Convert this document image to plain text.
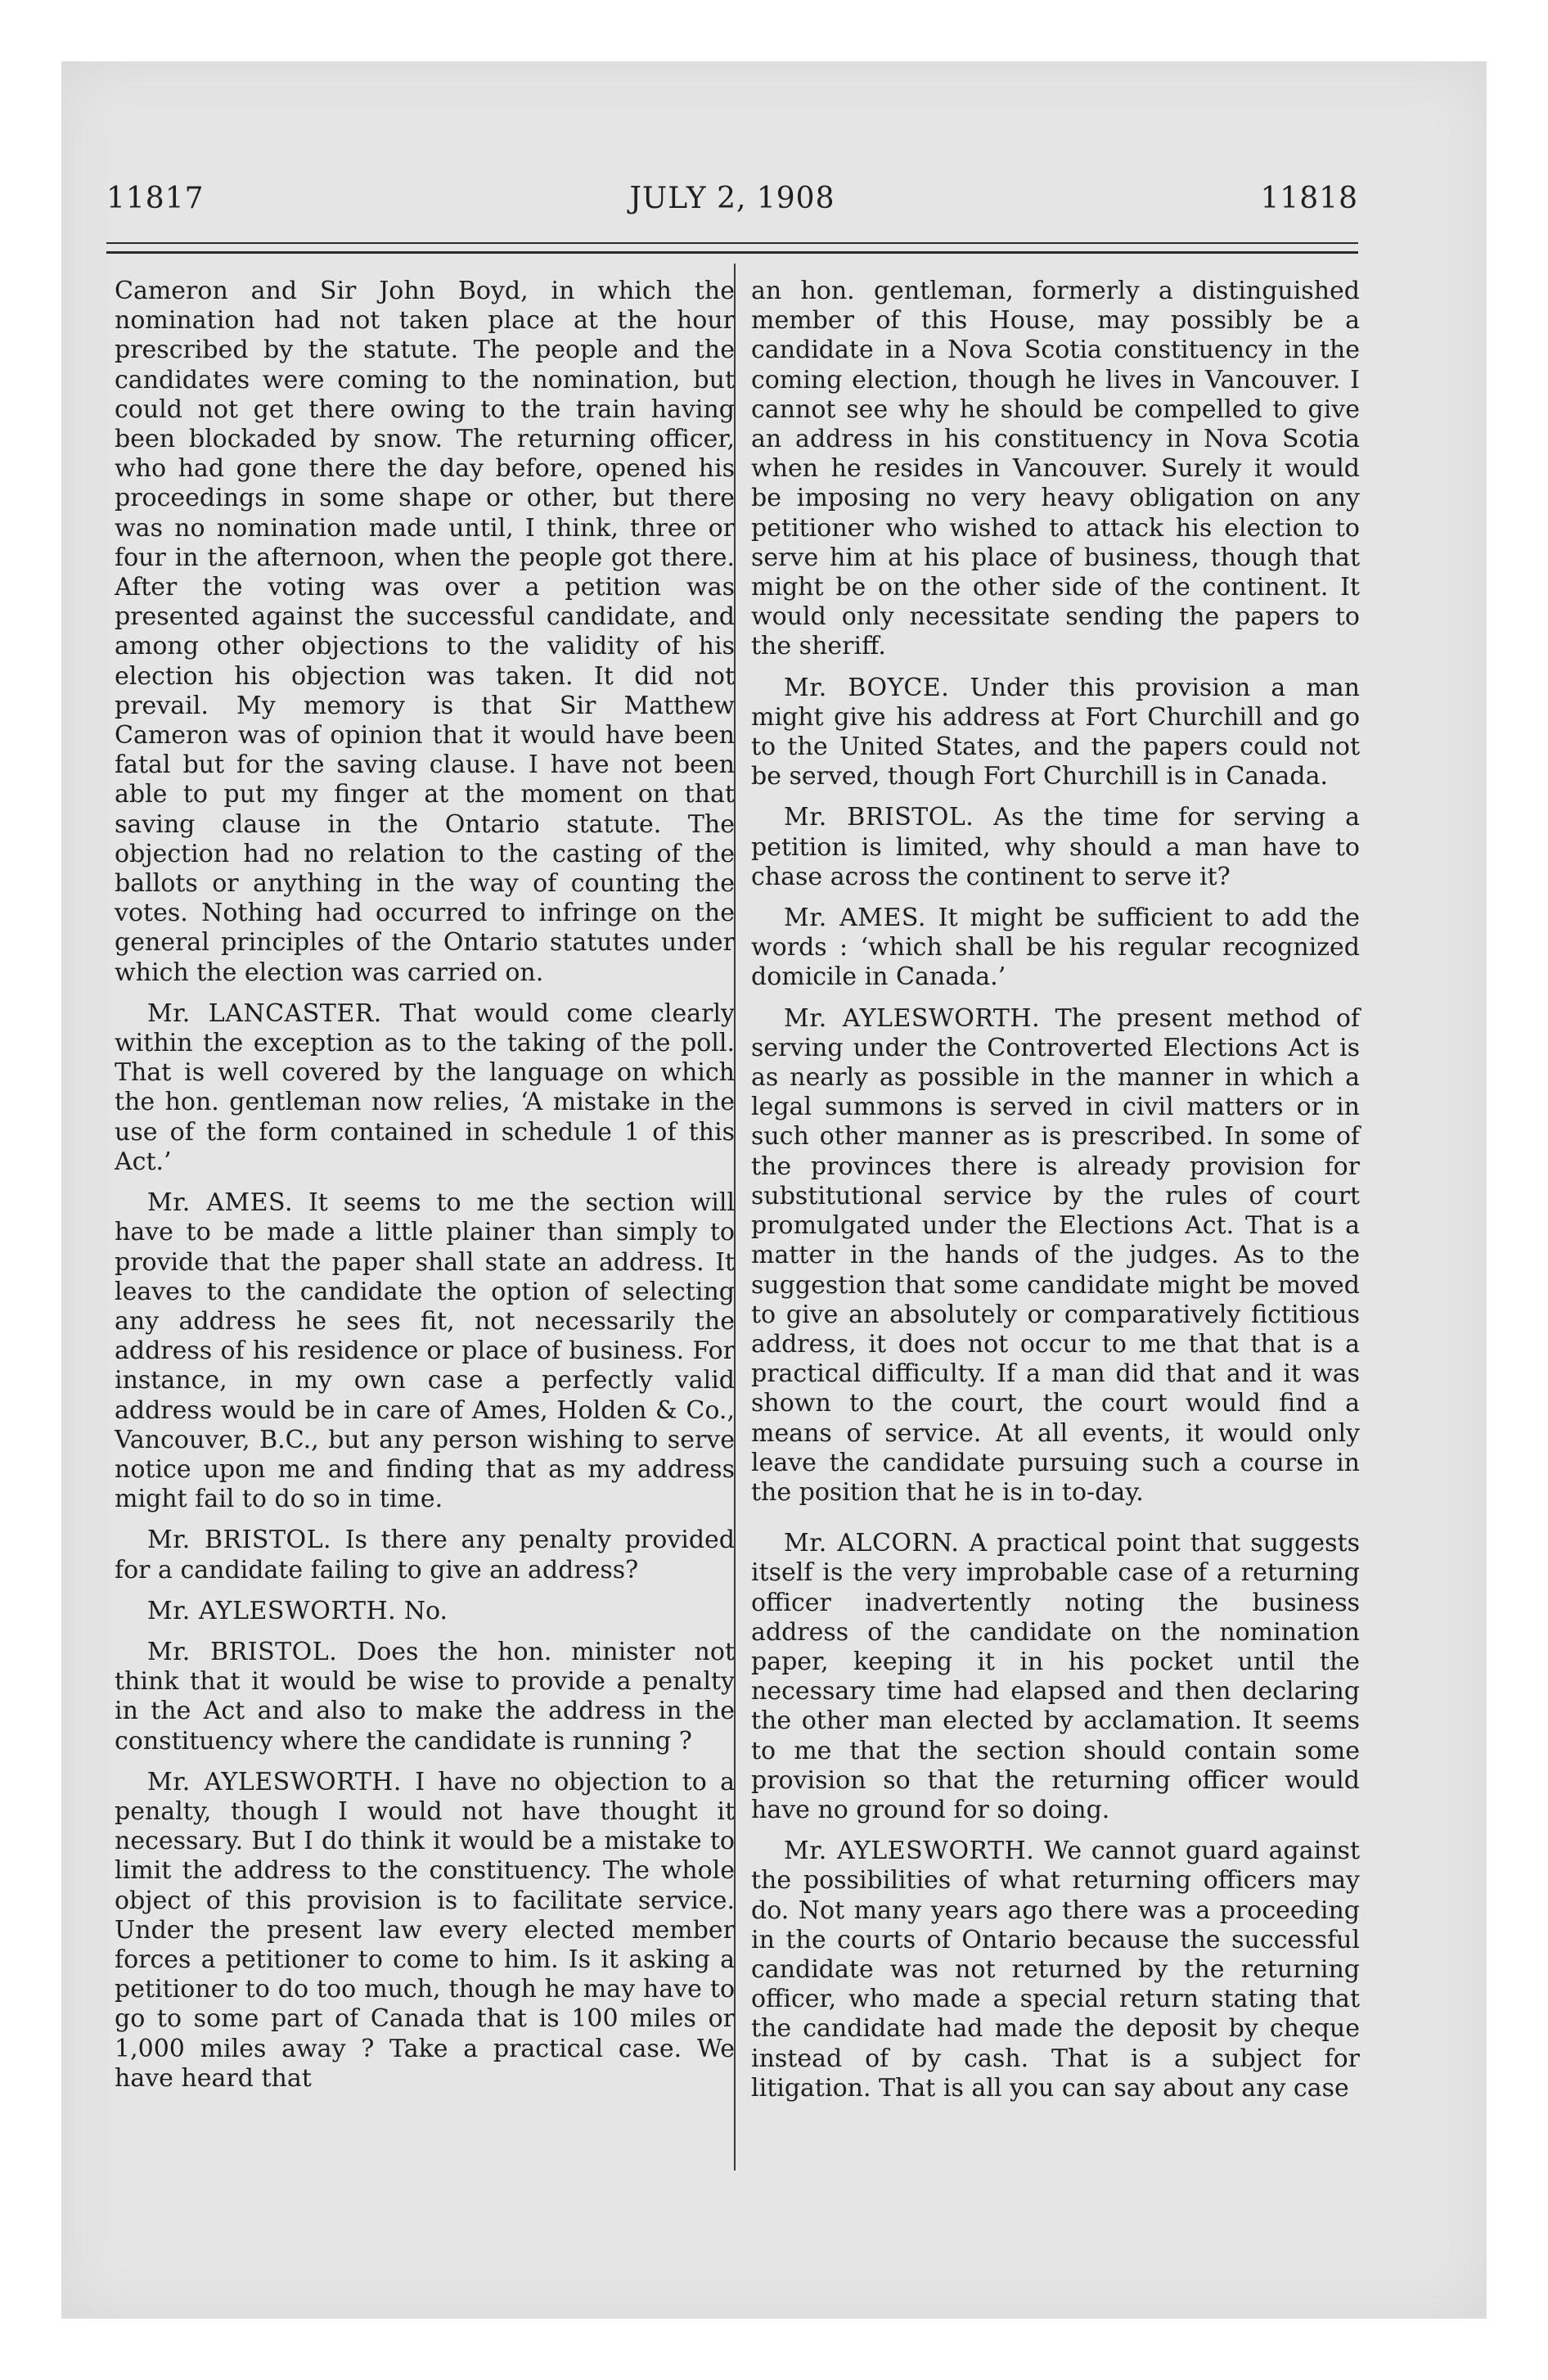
11817	JULY 2, 1908	11818

Cameron and Sir John Boyd, in which the nomination had not taken place at the hour prescribed by the statute. The people and the candidates were coming to the nomination, but could not get there owing to the train having been blockaded by snow. The returning officer, who had gone there the day before, opened his proceedings in some shape or other, but there was no nomination made until, I think, three or four in the afternoon, when the people got there. After the voting was over a petition was presented against the successful candidate, and among other objections to the validity of his election his objection was taken. It did not prevail. My memory is that Sir Matthew Cameron was of opinion that it would have been fatal but for the saving clause. I have not been able to put my finger at the moment on that saving clause in the Ontario statute. The objection had no relation to the casting of the ballots or anything in the way of counting the votes. Nothing had occurred to infringe on the general principles of the Ontario statutes under which the election was carried on.

Mr. LANCASTER. That would come clearly within the exception as to the taking of the poll. That is well covered by the language on which the hon. gentleman now relies, ‘A mistake in the use of the form contained in schedule 1 of this Act.’

Mr. AMES. It seems to me the section will have to be made a little plainer than simply to provide that the paper shall state an address. It leaves to the candidate the option of selecting any address he sees fit, not necessarily the address of his residence or place of business. For instance, in my own case a perfectly valid address would be in care of Ames, Holden & Co., Vancouver, B.C., but any person wishing to serve notice upon me and finding that as my address might fail to do so in time.

Mr. BRISTOL. Is there any penalty provided for a candidate failing to give an address?

Mr. AYLESWORTH. No.

Mr. BRISTOL. Does the hon. minister not think that it would be wise to provide a penalty in the Act and also to make the address in the constituency where the candidate is running ?

Mr. AYLESWORTH. I have no objection to a penalty, though I would not have thought it necessary. But I do think it would be a mistake to limit the address to the constituency. The whole object of this provision is to facilitate service. Under the present law every elected member forces a petitioner to come to him. Is it asking a petitioner to do too much, though he may have to go to some part of Canada that is 100 miles or 1,000 miles away ? Take a practical case. We have heard that

an hon. gentleman, formerly a distinguished member of this House, may possibly be a candidate in a Nova Scotia constituency in the coming election, though he lives in Vancouver. I cannot see why he should be compelled to give an address in his constituency in Nova Scotia when he resides in Vancouver. Surely it would be imposing no very heavy obligation on any petitioner who wished to attack his election to serve him at his place of business, though that might be on the other side of the continent. It would only necessitate sending the papers to the sheriff.

Mr. BOYCE. Under this provision a man might give his address at Fort Churchill and go to the United States, and the papers could not be served, though Fort Churchill is in Canada.

Mr. BRISTOL. As the time for serving a petition is limited, why should a man have to chase across the continent to serve it?

Mr. AMES. It might be sufficient to add the words : ‘which shall be his regular recognized domicile in Canada.’

Mr. AYLESWORTH. The present method of serving under the Controverted Elections Act is as nearly as possible in the manner in which a legal summons is served in civil matters or in such other manner as is prescribed. In some of the provinces there is already provision for substitutional service by the rules of court promulgated under the Elections Act. That is a matter in the hands of the judges. As to the suggestion that some candidate might be moved to give an absolutely or comparatively fictitious address, it does not occur to me that that is a practical difficulty. If a man did that and it was shown to the court, the court would find a means of service. At all events, it would only leave the candidate pursuing such a course in the position that he is in to-day.

Mr. ALCORN. A practical point that suggests itself is the very improbable case of a returning officer inadvertently noting the business address of the candidate on the nomination paper, keeping it in his pocket until the necessary time had elapsed and then declaring the other man elected by acclamation. It seems to me that the section should contain some provision so that the returning officer would have no ground for so doing.

Mr. AYLESWORTH. We cannot guard against the possibilities of what returning officers may do. Not many years ago there was a proceeding in the courts of Ontario because the successful candidate was not returned by the returning officer, who made a special return stating that the candidate had made the deposit by cheque instead of by cash. That is a subject for litigation. That is all you can say about any case
